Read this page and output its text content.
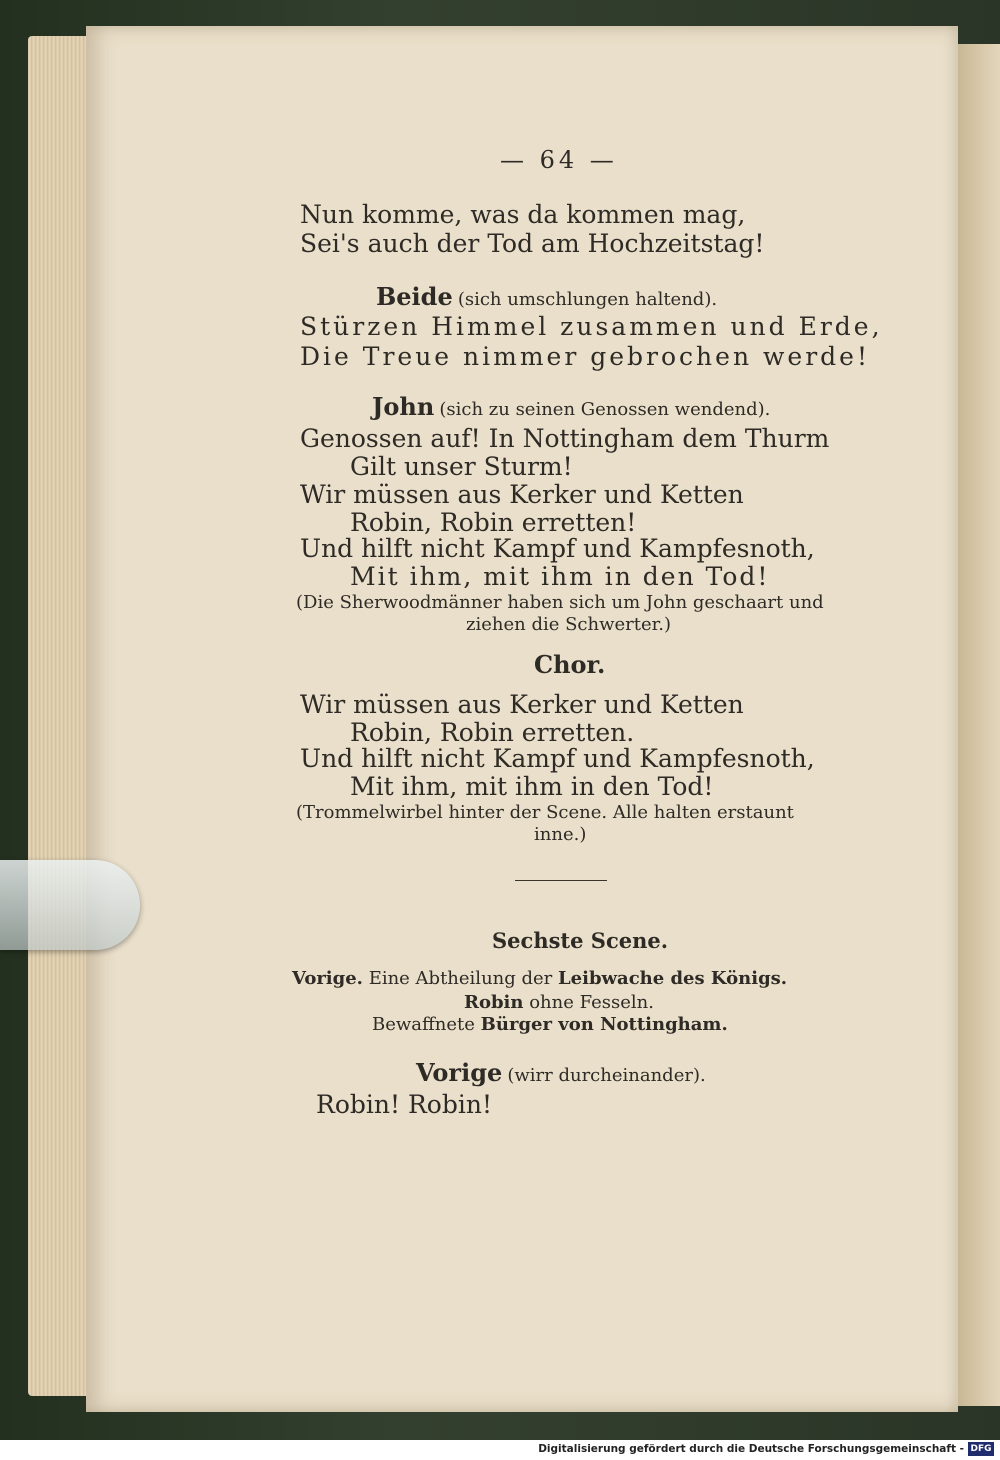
— 64 —
Nun komme, was da kommen mag,
Sei's auch der Tod am Hochzeitstag!
Beide (sich umschlungen haltend).
Stürzen Himmel zusammen und Erde,
Die Treue nimmer gebrochen werde!
John (sich zu seinen Genossen wendend).
Genossen auf! In Nottingham dem Thurm
Gilt unser Sturm!
Wir müssen aus Kerker und Ketten
Robin, Robin erretten!
Und hilft nicht Kampf und Kampfesnoth,
Mit ihm, mit ihm in den Tod!
(Die Sherwoodmänner haben sich um John geschaart und
ziehen die Schwerter.)
Chor.
Wir müssen aus Kerker und Ketten
Robin, Robin erretten.
Und hilft nicht Kampf und Kampfesnoth,
Mit ihm, mit ihm in den Tod!
(Trommelwirbel hinter der Scene. Alle halten erstaunt
inne.)
Sechste Scene.
Vorige. Eine Abtheilung der Leibwache des Königs.
Robin ohne Fesseln.
Bewaffnete Bürger von Nottingham.
Vorige (wirr durcheinander).
Robin! Robin!
Digitalisierung gefördert durch die Deutsche Forschungsgemeinschaft - DFG
